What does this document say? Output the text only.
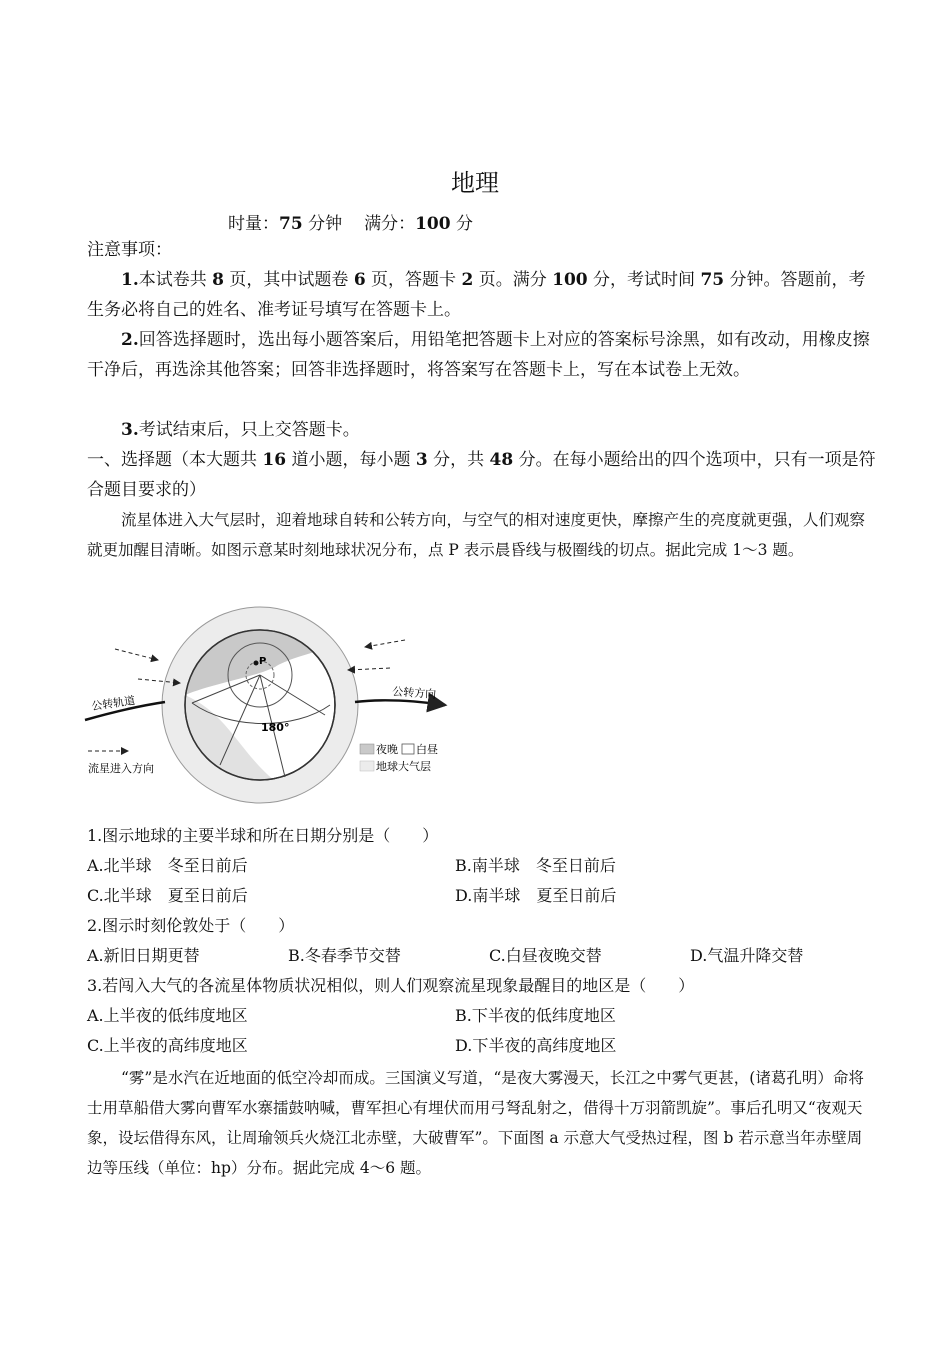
地理
时量：75 分钟 满分：100 分
注意事项：
1.本试卷共 8 页，其中试题卷 6 页，答题卡 2 页。满分 100 分，考试时间 75 分钟。答题前，考生务必将自己的姓名、准考证号填写在答题卡上。
2.回答选择题时，选出每小题答案后，用铅笔把答题卡上对应的答案标号涂黑，如有改动，用橡皮擦干净后，再选涂其他答案；回答非选择题时，将答案写在答题卡上，写在本试卷上无效。
3.考试结束后，只上交答题卡。
一、选择题（本大题共 16 道小题，每小题 3 分，共 48 分。在每小题给出的四个选项中，只有一项是符合题目要求的）
流星体进入大气层时，迎着地球自转和公转方向，与空气的相对速度更快，摩擦产生的亮度就更强，人们观察就更加醒目清晰。如图示意某时刻地球状况分布，点 P 表示晨昏线与极圈线的切点。据此完成 1～3 题。
P
180°
公转轨道
公转方向
流星进入方向
夜晚 白昼
地球大气层
1.图示地球的主要半球和所在日期分别是（　　）
A.北半球　冬至日前后	B.南半球　冬至日前后
C.北半球　夏至日前后	D.南半球　夏至日前后
2.图示时刻伦敦处于（　　）
A.新旧日期更替	B.冬春季节交替	C.白昼夜晚交替	D.气温升降交替
3.若闯入大气的各流星体物质状况相似，则人们观察流星现象最醒目的地区是（　　）
A.上半夜的低纬度地区	B.下半夜的低纬度地区
C.上半夜的高纬度地区	D.下半夜的高纬度地区
“雾”是水汽在近地面的低空冷却而成。三国演义写道，“是夜大雾漫天，长江之中雾气更甚，(诸葛孔明）命将士用草船借大雾向曹军水寨擂鼓呐喊，曹军担心有埋伏而用弓弩乱射之，借得十万羽箭凯旋”。事后孔明又“夜观天象，设坛借得东风，让周瑜领兵火烧江北赤壁，大破曹军”。下面图 a 示意大气受热过程，图 b 若示意当年赤壁周边等压线（单位：hp）分布。据此完成 4～6 题。
